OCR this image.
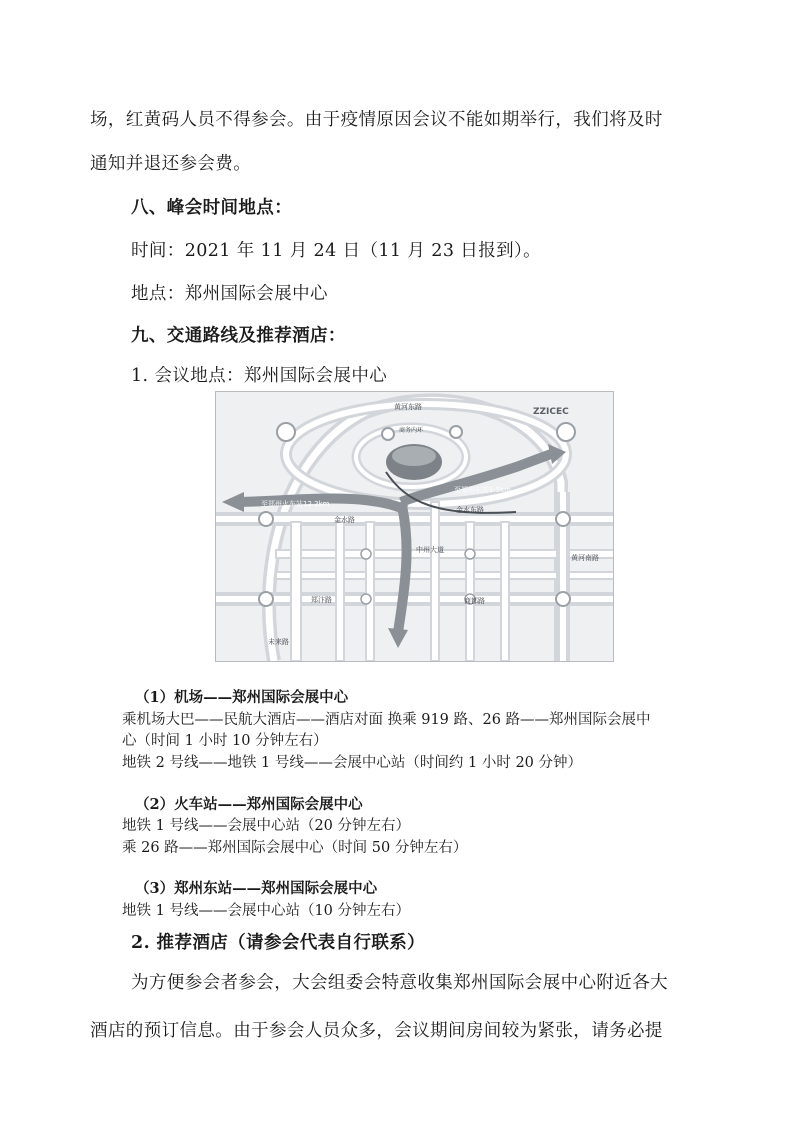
场，红黄码人员不得参会。由于疫情原因会议不能如期举行，我们将及时
通知并退还参会费。
八、峰会时间地点：
时间：2021 年 11 月 24 日（11 月 23 日报到）。
地点：郑州国际会展中心
九、交通路线及推荐酒店：
1. 会议地点：郑州国际会展中心
ZZICEC
黄河东路
商务内环
至郑州火车站12.2km
至郑州东站1.5km
金水路
金水东路
郑汴路	商都路
未来路
中州大道
黄河南路
（1）机场——郑州国际会展中心
乘机场大巴——民航大酒店——酒店对面 换乘 919 路、26 路——郑州国际会展中
心（时间 1 小时 10 分钟左右）
地铁 2 号线——地铁 1 号线——会展中心站（时间约 1 小时 20 分钟）
（2）火车站——郑州国际会展中心
地铁 1 号线——会展中心站（20 分钟左右）
乘 26 路——郑州国际会展中心（时间 50 分钟左右）
（3）郑州东站——郑州国际会展中心
地铁 1 号线——会展中心站（10 分钟左右）
2. 推荐酒店（请参会代表自行联系）
为方便参会者参会，大会组委会特意收集郑州国际会展中心附近各大
酒店的预订信息。由于参会人员众多，会议期间房间较为紧张，请务必提
